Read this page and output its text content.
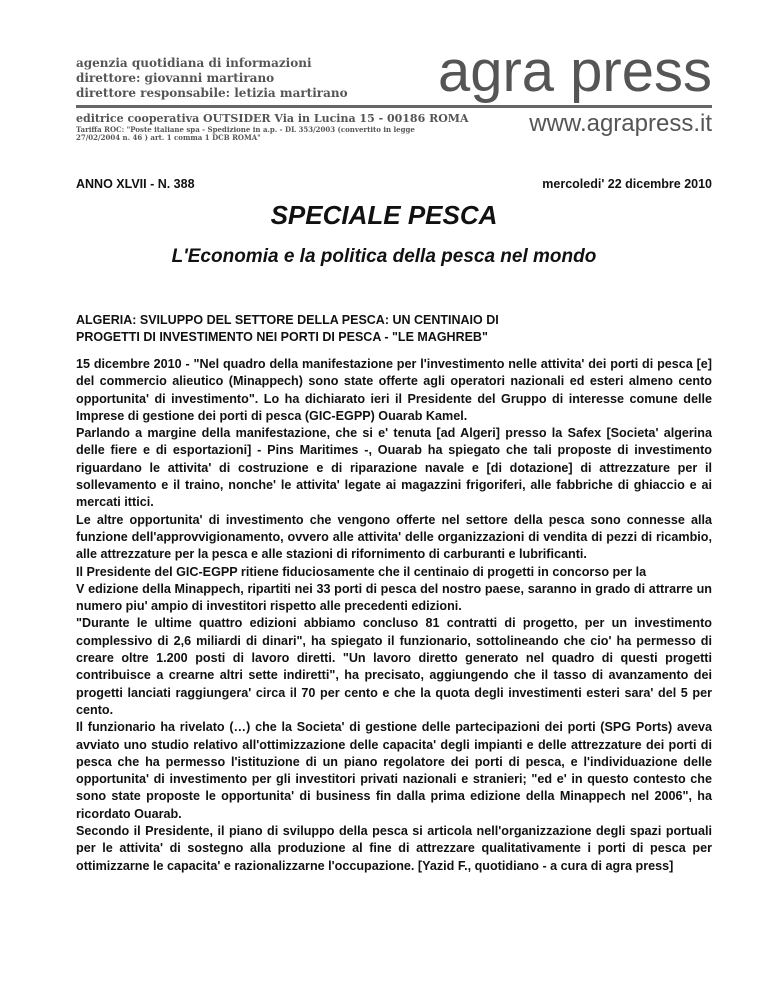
agenzia quotidiana di informazioni
direttore: giovanni martirano
direttore responsabile: letizia martirano agra press
editrice cooperativa OUTSIDER Via in Lucina 15 - 00186 ROMA
Tariffa ROC: "Poste italiane spa - Spedizione in a.p. - DL 353/2003 (convertito in legge
27/02/2004 n. 46 ) art. 1 comma 1 DCB ROMA"
www.agrapress.it
ANNO XLVII - N. 388	mercoledi' 22 dicembre 2010
SPECIALE PESCA
L'Economia e la politica della pesca nel mondo
ALGERIA: SVILUPPO DEL SETTORE DELLA PESCA: UN CENTINAIO DI
PROGETTI DI INVESTIMENTO NEI PORTI DI PESCA - "LE MAGHREB"

15 dicembre 2010 - "Nel quadro della manifestazione per l'investimento nelle attivita' dei porti di pesca [e] del commercio alieutico (Minappech) sono state offerte agli operatori nazionali ed esteri almeno cento opportunita' di investimento". Lo ha dichiarato ieri il Presidente del Gruppo di interesse comune delle Imprese di gestione dei porti di pesca (GIC-EGPP) Ouarab Kamel.

Parlando a margine della manifestazione, che si e' tenuta [ad Algeri] presso la Safex [Societa' algerina delle fiere e di esportazioni] - Pins Maritimes -, Ouarab ha spiegato che tali proposte di investimento riguardano le attivita' di costruzione e di riparazione navale e [di dotazione] di attrezzature per il sollevamento e il traino, nonche' le attivita' legate ai magazzini frigoriferi, alle fabbriche di ghiaccio e ai mercati ittici.

Le altre opportunita' di investimento che vengono offerte nel settore della pesca sono connesse alla funzione dell'approvvigionamento, ovvero alle attivita' delle organizzazioni di vendita di pezzi di ricambio, alle attrezzature per la pesca e alle stazioni di rifornimento di carburanti e lubrificanti.

Il Presidente del GIC-EGPP ritiene fiduciosamente che il centinaio di progetti in concorso per la

V edizione della Minappech, ripartiti nei 33 porti di pesca del nostro paese, saranno in grado di attrarre un numero piu' ampio di investitori rispetto alle precedenti edizioni.

"Durante le ultime quattro edizioni abbiamo concluso 81 contratti di progetto, per un investimento complessivo di 2,6 miliardi di dinari", ha spiegato il funzionario, sottolineando che cio' ha permesso di creare oltre 1.200 posti di lavoro diretti. "Un lavoro diretto generato nel quadro di questi progetti contribuisce a crearne altri sette indiretti", ha precisato, aggiungendo che il tasso di avanzamento dei progetti lanciati raggiungera' circa il 70 per cento e che la quota degli investimenti esteri sara' del 5 per cento.

Il funzionario ha rivelato (…) che la Societa' di gestione delle partecipazioni dei porti (SPG Ports) aveva avviato uno studio relativo all'ottimizzazione delle capacita' degli impianti e delle attrezzature dei porti di pesca che ha permesso l'istituzione di un piano regolatore dei porti di pesca, e l'individuazione delle opportunita' di investimento per gli investitori privati nazionali e stranieri; "ed e' in questo contesto che sono state proposte le opportunita' di business fin dalla prima edizione della Minappech nel 2006", ha ricordato Ouarab.

Secondo il Presidente, il piano di sviluppo della pesca si articola nell'organizzazione degli spazi portuali per le attivita' di sostegno alla produzione al fine di attrezzare qualitativamente i porti di pesca per ottimizzarne le capacita' e razionalizzarne l'occupazione. [Yazid F., quotidiano - a cura di agra press]
